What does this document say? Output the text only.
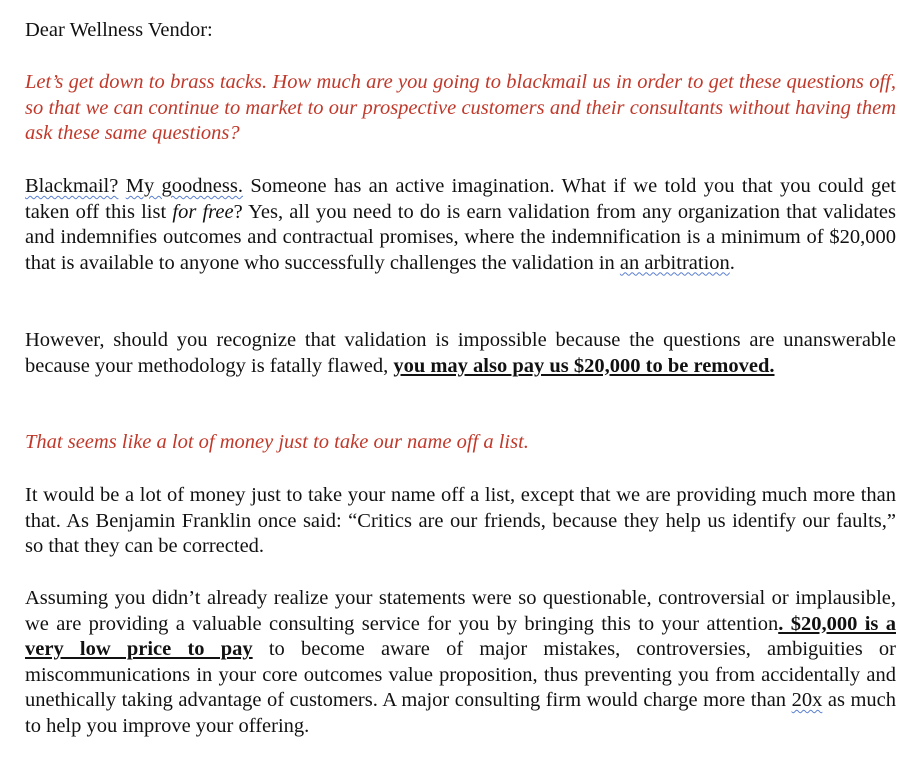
Dear Wellness Vendor:

Let’s get down to brass tacks. How much are you going to blackmail us in order to get these questions off, so that we can continue to market to our prospective customers and their consultants without having them ask these same questions?

Blackmail? My goodness. Someone has an active imagination. What if we told you that you could get taken off this list for free? Yes, all you need to do is earn validation from any organization that validates and indemnifies outcomes and contractual promises, where the indemnification is a minimum of $20,000 that is available to anyone who successfully challenges the validation in an arbitration.

However, should you recognize that validation is impossible because the questions are unanswerable because your methodology is fatally flawed, you may also pay us $20,000 to be removed.

That seems like a lot of money just to take our name off a list.

It would be a lot of money just to take your name off a list, except that we are providing much more than that. As Benjamin Franklin once said: “Critics are our friends, because they help us identify our faults,” so that they can be corrected.

Assuming you didn’t already realize your statements were so questionable, controversial or implausible, we are providing a valuable consulting service for you by bringing this to your attention. $20,000 is a very low price to pay to become aware of major mistakes, controversies, ambiguities or miscommunications in your core outcomes value proposition, thus preventing you from accidentally and unethically taking advantage of customers. A major consulting firm would charge more than 20x as much to help you improve your offering.
